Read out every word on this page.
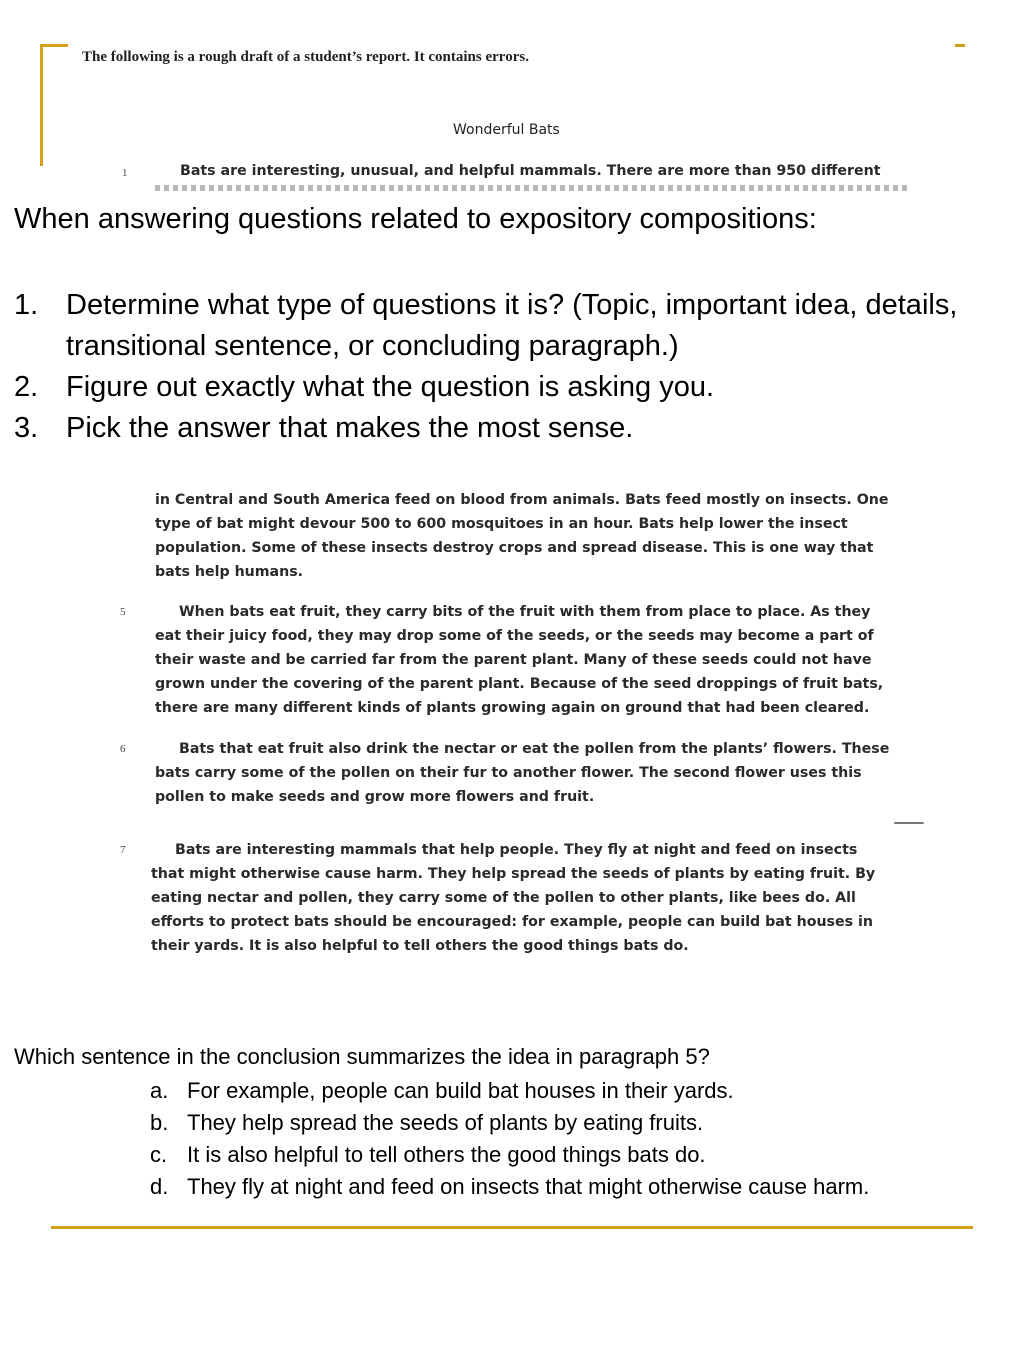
The following is a rough draft of a student’s report. It contains errors.
Wonderful Bats
1	Bats are interesting, unusual, and helpful mammals. There are more than 950 different
When answering questions related to expository compositions:
1. Determine what type of questions it is? (Topic, important idea, details, transitional sentence, or concluding paragraph.)
2. Figure out exactly what the question is asking you.
3. Pick the answer that makes the most sense.
in Central and South America feed on blood from animals. Bats feed mostly on insects. One
type of bat might devour 500 to 600 mosquitoes in an hour. Bats help lower the insect
population. Some of these insects destroy crops and spread disease. This is one way that
bats help humans.
5	When bats eat fruit, they carry bits of the fruit with them from place to place. As they
eat their juicy food, they may drop some of the seeds, or the seeds may become a part of
their waste and be carried far from the parent plant. Many of these seeds could not have
grown under the covering of the parent plant. Because of the seed droppings of fruit bats,
there are many different kinds of plants growing again on ground that had been cleared.
6	Bats that eat fruit also drink the nectar or eat the pollen from the plants’ flowers. These
bats carry some of the pollen on their fur to another flower. The second flower uses this
pollen to make seeds and grow more flowers and fruit.
7	Bats are interesting mammals that help people. They fly at night and feed on insects
that might otherwise cause harm. They help spread the seeds of plants by eating fruit. By
eating nectar and pollen, they carry some of the pollen to other plants, like bees do. All
efforts to protect bats should be encouraged: for example, people can build bat houses in
their yards. It is also helpful to tell others the good things bats do.
Which sentence in the conclusion summarizes the idea in paragraph 5?
a. For example, people can build bat houses in their yards.
b. They help spread the seeds of plants by eating fruits.
c. It is also helpful to tell others the good things bats do.
d. They fly at night and feed on insects that might otherwise cause harm.
